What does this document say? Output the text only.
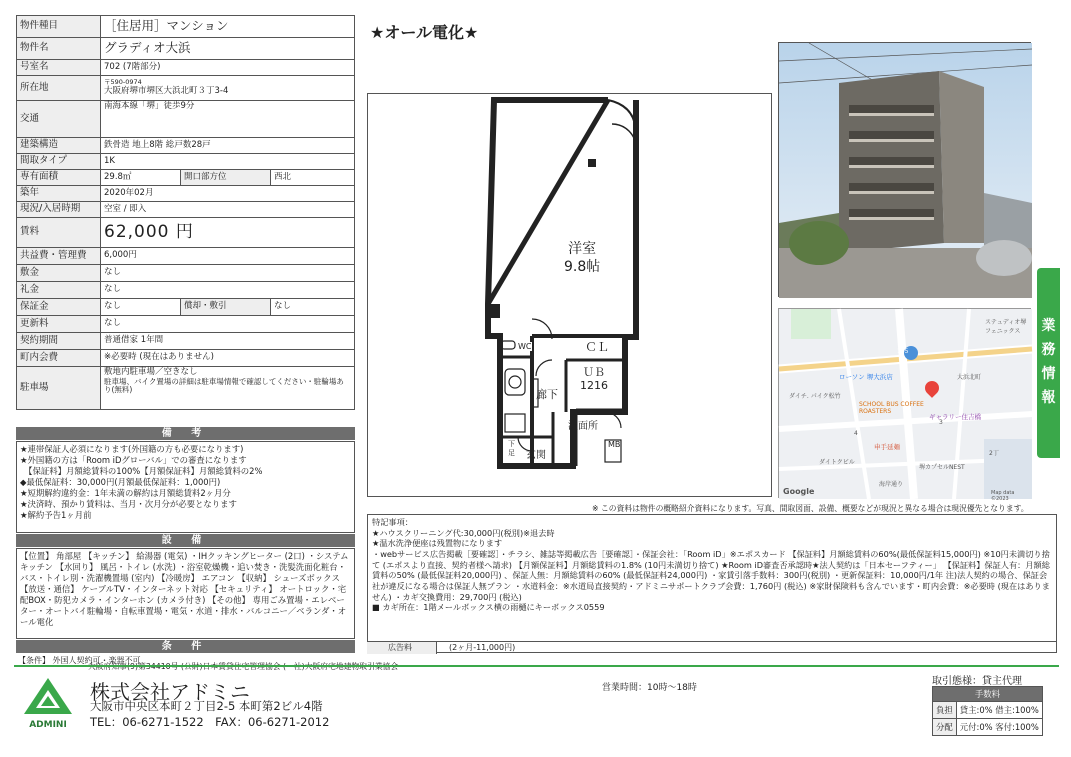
物件種目	［住居用］マンション		
物件名	グラディオ大浜		
号室名	702 (7階部分)		
所在地	〒590-0974
大阪府堺市堺区大浜北町３丁3-4		

交通	南海本線「堺」徒歩9分		
建築構造	鉄骨造 地上8階 総戸数28戸		
間取タイプ	1K		
専有面積	29.8㎡	開口部方位	西北
築年	2020年02月		
現況/入居時期	空室 / 即入		
賃料	62,000 円		
共益費・管理費	6,000円		
敷金	なし		
礼金	なし		
保証金	なし	償却・敷引	なし
更新料	なし		
契約期間	普通借家 1年間		
町内会費	※必要時 (現在はありません)		
駐車場	敷地内駐車場／空きなし
駐車場、バイク置場の詳細は駐車場情報で確認してください・駐輪場あり(無料)		
備 考
★連帯保証人必須になります(外国籍の方も必要になります)
★外国籍の方は「Room iDグローバル」での審査になります
　【保証料】月額総賃料の100%【月額保証料】月額総賃料の2%
◆最低保証料：30,000円(月額最低保証料：1,000円)
★短期解約違約金：1年未満の解約は月額総賃料2ヶ月分
★決済時、預かり賃料は、当月・次月分が必要となります
★解約予告1ヶ月前
設 備
【位置】 角部屋 【キッチン】 給湯器 (電気) ・IHクッキングヒーター (2口) ・システムキッチン 【水回り】 風呂・トイレ (水洗) ・浴室乾燥機・追い焚き・洗髪洗面化粧台・バス・トイレ別・洗濯機置場 (室内) 【冷暖房】 エアコン 【収納】 シューズボックス 【放送・通信】 ケーブルTV・インターネット対応 【セキュリティ】 オートロック・宅配BOX・防犯カメラ・インターホン (カメラ付き) 【その他】 専用ごみ置場・エレベーター・オートバイ駐輪場・自転車置場・電気・水道・排水・バルコニー／ベランダ・オール電化
条 件
【条件】 外国人契約可・楽器不可
★オール電化★
洋室
9.8帖
ＣＬ
ＵＢ
1216
WC
廊下
洗面所
玄関
下足
MB
195
ローソン 堺大浜店
ステュディオ堺フェニックス
SCHOOL BUS COFFEE ROASTERS
ギャラリー住吉橋
申手延麺
堺カプセルNEST
2丁
3
4
ダイチ. パイク松竹
ダイトクビル
大浜北町
海岸通り
Google	Map data ©2023
※ この資料は物件の概略紹介資料になります。写真、間取図面、設備、概要などが現況と異なる場合は現況優先となります。
特記事項：
★ハウスクリーニング代:30,000円(税別)※退去時
★温水洗浄便座は残置物になります
・webサービス広告掲載［要確認］・チラシ、雑誌等掲載広告［要確認］・保証会社：「Room iD」※エポスカード 【保証料】月額総賃料の60%(最低保証料15,000円) ※10円未満切り捨て (エポスより直接、契約者様へ請求) 【月額保証料】月額総賃料の1.8% (10円未満切り捨て) ★Room iD審査否承認時★法人契約は「日本セーフティー」 【保証料】保証人有：月額総賃料の50% (最低保証料20,000円) 、保証人無：月額総賃料の60% (最低保証料24,000円) ・家賃引落手数料：300円(税別) ・更新保証料：10,000円/1年 注)法人契約の場合、保証会社が違反になる場合は保証人無プラン ・水道料金：※水道局直接契約・アドミニサポートクラブ会費：1,760円 (税込) ※家財保険料も含んでいます・町内会費：※必要時 (現在はありません) ・カギ交換費用：29,700円 (税込)
■ カギ所在：1階メールボックス横の雨樋にキーボックス0559
広告料	(2ヶ月-11,000円)
業務情報
ADMINI
株式会社アドミニ
大阪市中央区本町２丁目2-5 本町第2ビル4階
TEL：06-6271-1522　FAX：06-6271-2012
営業時間：10時～18時
取引態様：貸主代理
手数料	
負担	貸主:0% 借主:100%
分配	元付:0% 客付:100%
